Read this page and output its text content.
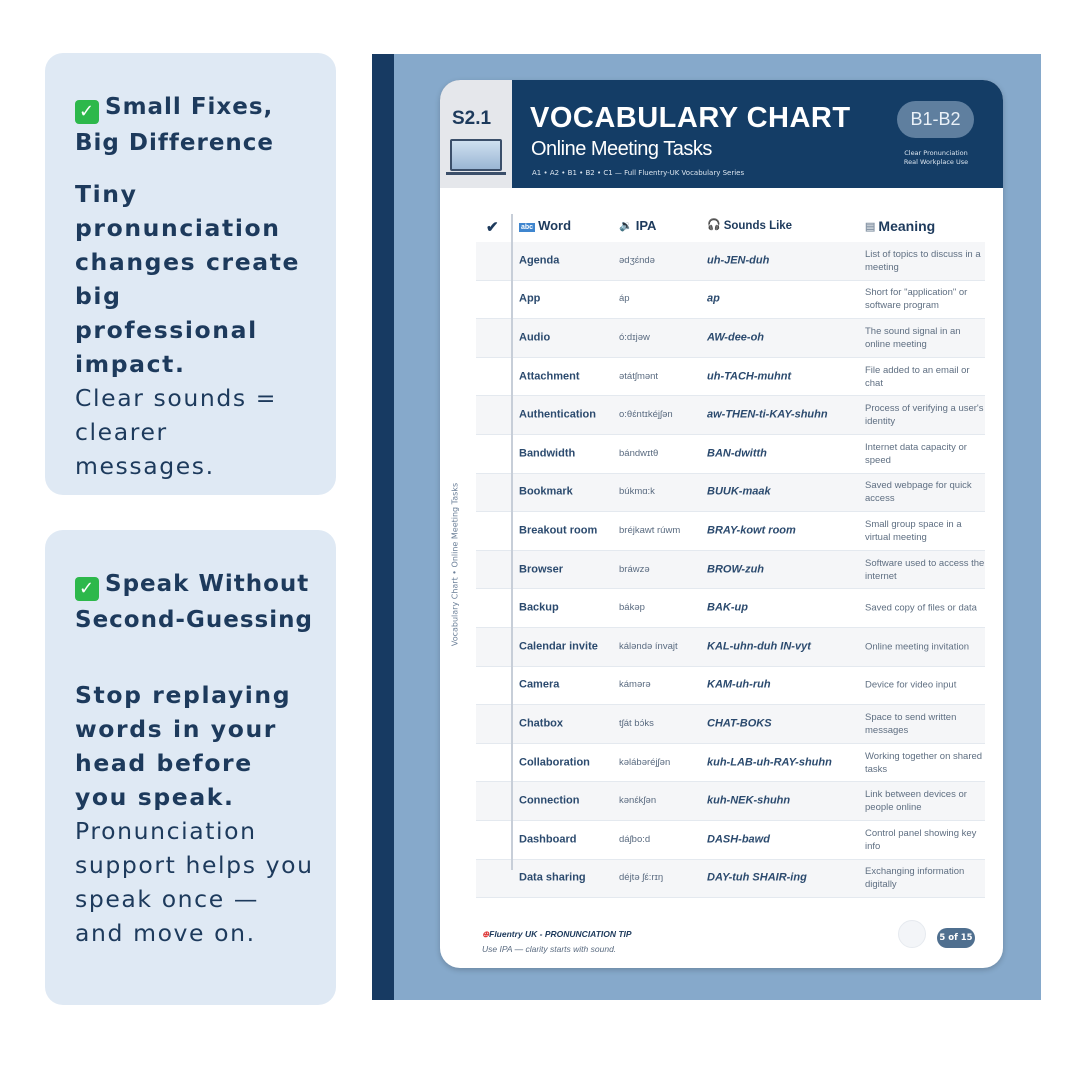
✓ Small Fixes, Big Difference
Tiny pronunciation changes create big professional impact.
Clear sounds = clearer messages.
✓ Speak Without Second-Guessing
Stop replaying words in your head before you speak.
Pronunciation support helps you speak once — and move on.
S2.1 VOCABULARY CHART
Online Meeting Tasks
A1 • A2 • B1 • B2 • C1 — Full Fluentry-UK Vocabulary Series
B1-B2
Clear Pronunciation
Real Workplace Use
Vocabulary Chart • Online Meeting Tasks
✔	abc Word	🔉 IPA	🎧 Sounds Like	▤ Meaning
Agenda	ədʒɛ́ndə	uh-JEN-duh	List of topics to discuss in a meeting
App	áp	ap	Short for "application" or software program
Audio	ó:dɪjəw	AW-dee-oh	The sound signal in an online meeting
Attachment	ətátʃmənt	uh-TACH-muhnt	File added to an email or chat
Authentication	o:θɛ́ntɪkéjʃən	aw-THEN-ti-KAY-shuhn	Process of verifying a user's identity
Bandwidth	bándwɪtθ	BAN-dwitth	Internet data capacity or speed
Bookmark	búkmɑ:k	BUUK-maak	Saved webpage for quick access
Breakout room	bréjkawt rúwm	BRAY-kowt room	Small group space in a virtual meeting
Browser	bráwzə	BROW-zuh	Software used to access the internet
Backup	bákəp	BAK-up	Saved copy of files or data
Calendar invite	káləndə ínvajt	KAL-uhn-duh IN-vyt	Online meeting invitation
Camera	kámərə	KAM-uh-ruh	Device for video input
Chatbox	tʃát bɔ́ks	CHAT-BOKS	Space to send written messages
Collaboration	kəlábəréjʃən	kuh-LAB-uh-RAY-shuhn	Working together on shared tasks
Connection	kənɛ́kʃən	kuh-NEK-shuhn	Link between devices or people online
Dashboard	dáʃbo:d	DASH-bawd	Control panel showing key info
Data sharing	déjtə ʃɛ́:rɪŋ	DAY-tuh SHAIR-ing	Exchanging information digitally
⊕Fluentry UK - PRONUNCIATION TIP
Use IPA — clarity starts with sound.
5 of 15
